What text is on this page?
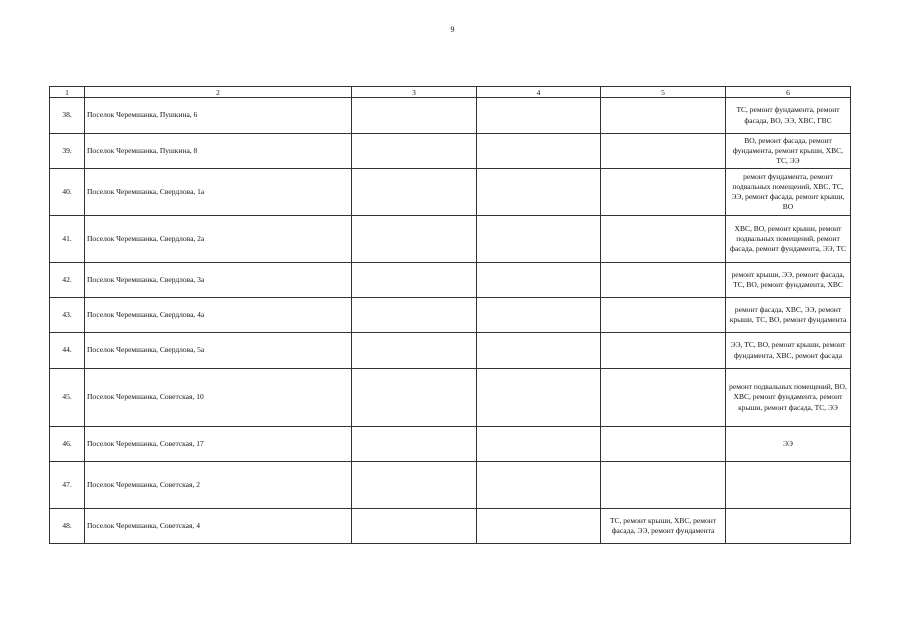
9
1	2	3	4	5	6
38.	Поселок Черемшанка, Пушкина, 6				ТС, ремонт фундамента, ремонт фасада, ВО, ЭЭ, ХВС, ГВС
39.	Поселок Черемшанка, Пушкина, 8				ВО, ремонт фасада, ремонт фундамента, ремонт крыши, ХВС, ТС, ЭЭ
40.	Поселок Черемшанка, Свердлова, 1а				ремонт фундамента, ремонт подвальных помещений, ХВС, ТС, ЭЭ, ремонт фасада, ремонт крыши, ВО
41.	Поселок Черемшанка, Свердлова, 2а				ХВС, ВО, ремонт крыши, ремонт подвальных помещений, ремонт фасада, ремонт фундамента, ЭЭ, ТС
42.	Поселок Черемшанка, Свердлова, 3а				ремонт крыши, ЭЭ, ремонт фасада, ТС, ВО, ремонт фундамента, ХВС
43.	Поселок Черемшанка, Свердлова, 4а				ремонт фасада, ХВС, ЭЭ, ремонт крыши, ТС, ВО, ремонт фундамента
44.	Поселок Черемшанка, Свердлова, 5а				ЭЭ, ТС, ВО, ремонт крыши, ремонт фундамента, ХВС, ремонт фасада
45.	Поселок Черемшанка, Советская, 10				ремонт подвальных помещений, ВО, ХВС, ремонт фундамента, ремонт крыши, ремонт фасада, ТС, ЭЭ
46.	Поселок Черемшанка, Советская, 17				ЭЭ
47.	Поселок Черемшанка, Советская, 2				
48.	Поселок Черемшанка, Советская, 4			ТС, ремонт крыши, ХВС, ремонт фасада, ЭЭ, ремонт фундамента	
